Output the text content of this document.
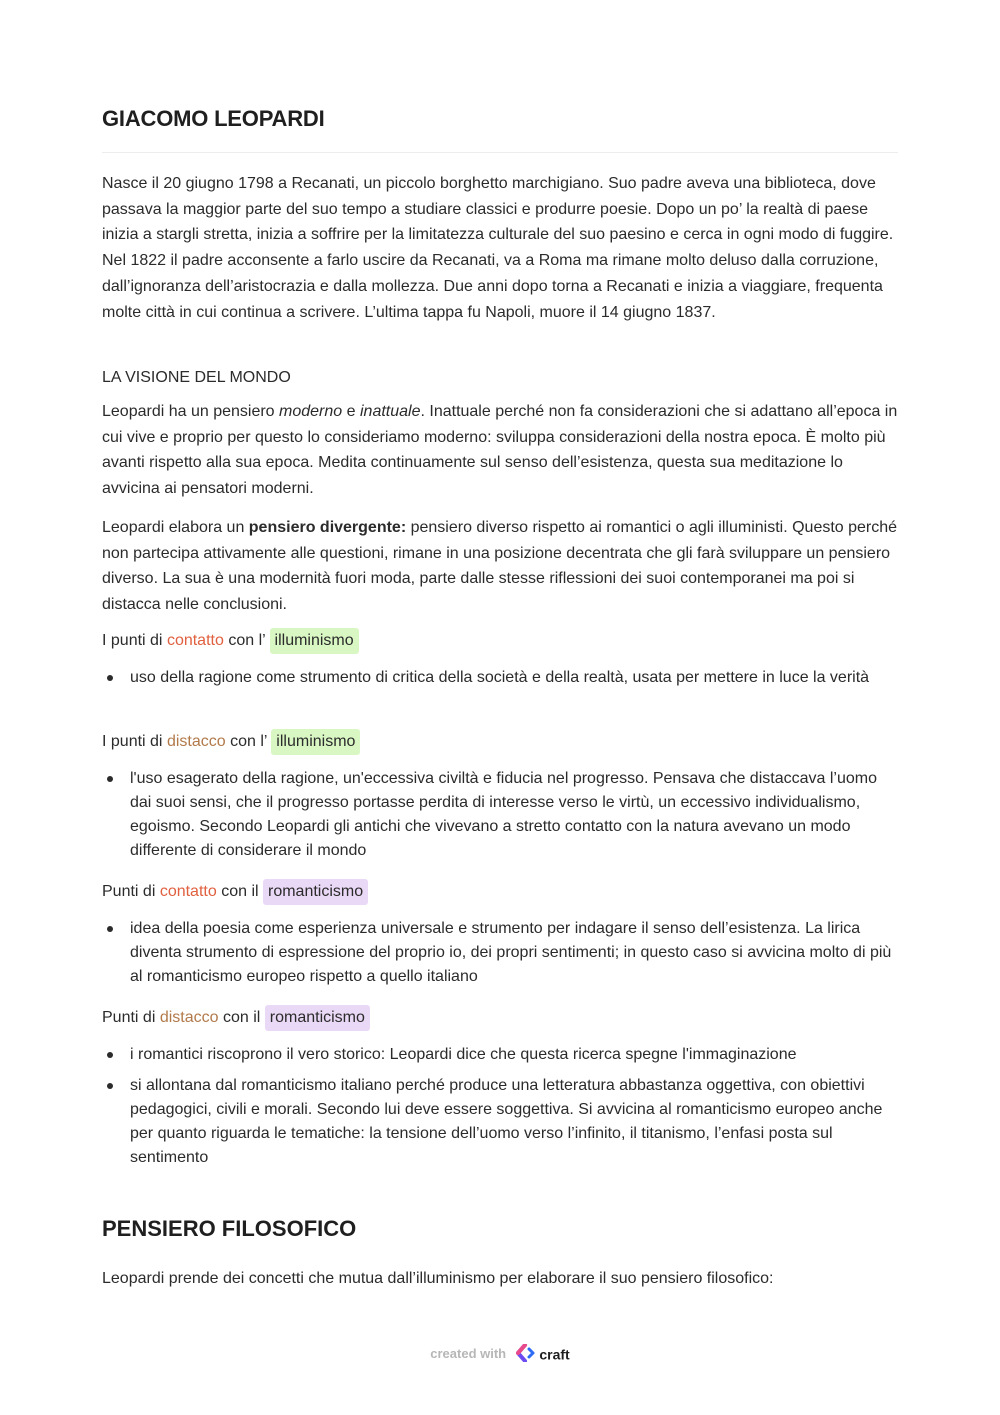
GIACOMO LEOPARDI

Nasce il 20 giugno 1798 a Recanati, un piccolo borghetto marchigiano. Suo padre aveva una biblioteca, dove passava la maggior parte del suo tempo a studiare classici e produrre poesie. Dopo un po’ la realtà di paese inizia a stargli stretta, inizia a soffrire per la limitatezza culturale del suo paesino e cerca in ogni modo di fuggire. Nel 1822 il padre acconsente a farlo uscire da Recanati, va a Roma ma rimane molto deluso dalla corruzione, dall’ignoranza dell’aristocrazia e dalla mollezza. Due anni dopo torna a Recanati e inizia a viaggiare, frequenta molte città in cui continua a scrivere. L’ultima tappa fu Napoli, muore il 14 giugno 1837.

LA VISIONE DEL MONDO

Leopardi ha un pensiero moderno e inattuale. Inattuale perché non fa considerazioni che si adattano all’epoca in cui vive e proprio per questo lo consideriamo moderno: sviluppa considerazioni della nostra epoca. È molto più avanti rispetto alla sua epoca. Medita continuamente sul senso dell’esistenza, questa sua meditazione lo avvicina ai pensatori moderni.

Leopardi elabora un pensiero divergente: pensiero diverso rispetto ai romantici o agli illuministi. Questo perché non partecipa attivamente alle questioni, rimane in una posizione decentrata che gli farà sviluppare un pensiero diverso. La sua è una modernità fuori moda, parte dalle stesse riflessioni dei suoi contemporanei ma poi si distacca nelle conclusioni.

I punti di contatto con l’ illuminismo

uso della ragione come strumento di critica della società e della realtà, usata per mettere in luce la verità

I punti di distacco con l’ illuminismo

l'uso esagerato della ragione, un'eccessiva civiltà e fiducia nel progresso. Pensava che distaccava l’uomo dai suoi sensi, che il progresso portasse perdita di interesse verso le virtù, un eccessivo individualismo, egoismo. Secondo Leopardi gli antichi che vivevano a stretto contatto con la natura avevano un modo differente di considerare il mondo

Punti di contatto con il romanticismo

idea della poesia come esperienza universale e strumento per indagare il senso dell’esistenza. La lirica diventa strumento di espressione del proprio io, dei propri sentimenti; in questo caso si avvicina molto di più al romanticismo europeo rispetto a quello italiano

Punti di distacco con il romanticismo

i romantici riscoprono il vero storico: Leopardi dice che questa ricerca spegne l'immaginazione
si allontana dal romanticismo italiano perché produce una letteratura abbastanza oggettiva, con obiettivi pedagogici, civili e morali. Secondo lui deve essere soggettiva. Si avvicina al romanticismo europeo anche per quanto riguarda le tematiche: la tensione dell’uomo verso l’infinito, il titanismo, l’enfasi posta sul sentimento
PENSIERO FILOSOFICO

Leopardi prende dei concetti che mutua dall’illuminismo per elaborare il suo pensiero filosofico:

created with craft
